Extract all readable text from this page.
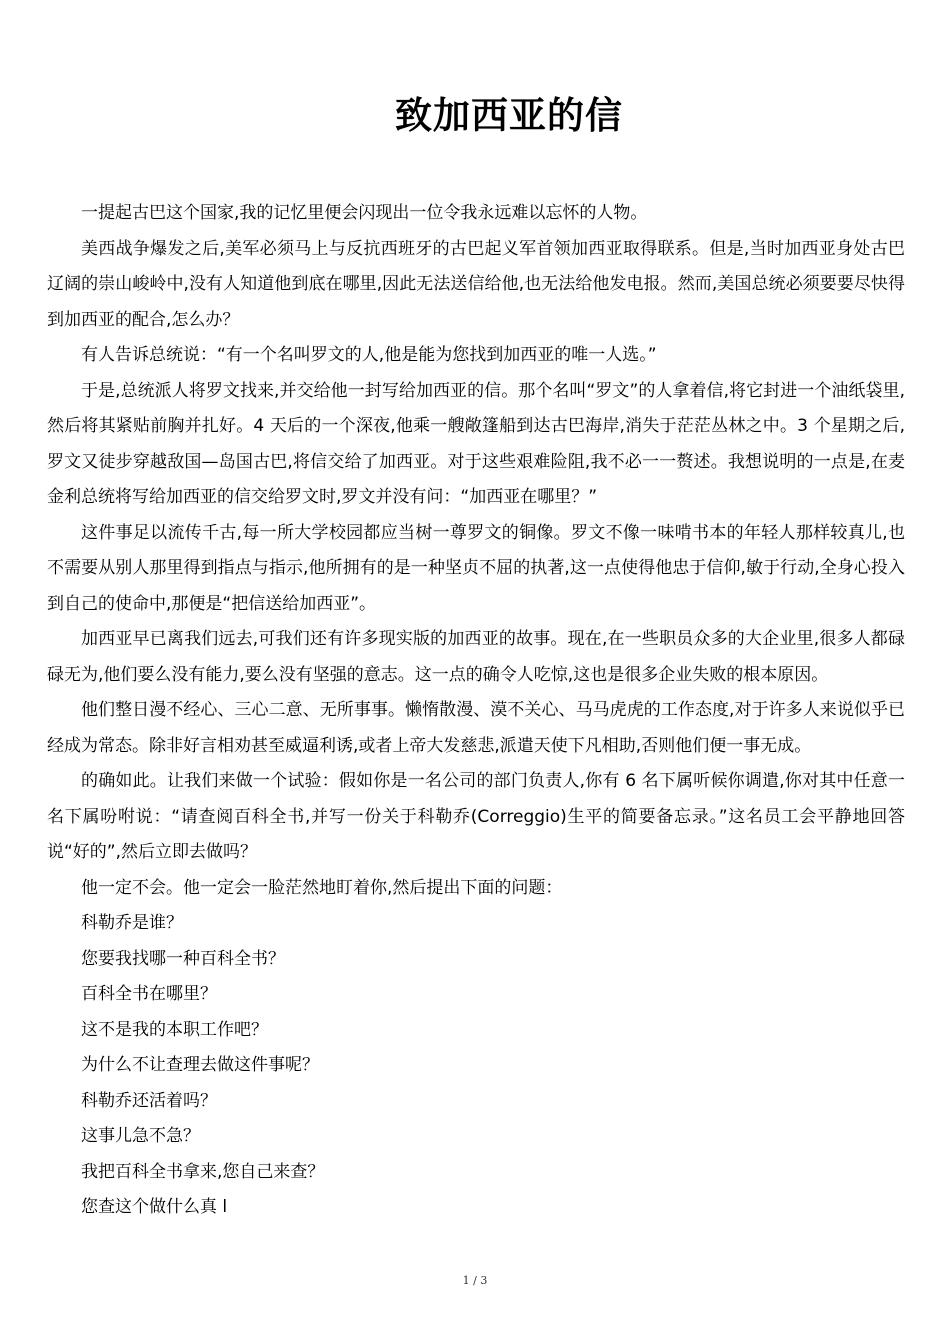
致加西亚的信

一提起古巴这个国家,我的记忆里便会闪现出一位令我永远难以忘怀的人物。

美西战争爆发之后,美军必须马上与反抗西班牙的古巴起义军首领加西亚取得联系。但是,当时加西亚身处古巴辽阔的崇山峻岭中,没有人知道他到底在哪里,因此无法送信给他,也无法给他发电报。然而,美国总统必须要要尽快得到加西亚的配合,怎么办？

有人告诉总统说：“有一个名叫罗文的人,他是能为您找到加西亚的唯一人选。”

于是,总统派人将罗文找来,并交给他一封写给加西亚的信。那个名叫“罗文”的人拿着信,将它封进一个油纸袋里,然后将其紧贴前胸并扎好。4 天后的一个深夜,他乘一艘敞篷船到达古巴海岸,消失于茫茫丛林之中。3 个星期之后,罗文又徒步穿越敌国—岛国古巴,将信交给了加西亚。对于这些艰难险阻,我不必一一赘述。我想说明的一点是,在麦金利总统将写给加西亚的信交给罗文时,罗文并没有问：“加西亚在哪里？”

这件事足以流传千古,每一所大学校园都应当树一尊罗文的铜像。罗文不像一味啃书本的年轻人那样较真儿,也不需要从别人那里得到指点与指示,他所拥有的是一种坚贞不屈的执著,这一点使得他忠于信仰,敏于行动,全身心投入到自己的使命中,那便是“把信送给加西亚”。

加西亚早已离我们远去,可我们还有许多现实版的加西亚的故事。现在,在一些职员众多的大企业里,很多人都碌碌无为,他们要么没有能力,要么没有坚强的意志。这一点的确令人吃惊,这也是很多企业失败的根本原因。

他们整日漫不经心、三心二意、无所事事。懒惰散漫、漠不关心、马马虎虎的工作态度,对于许多人来说似乎已经成为常态。除非好言相劝甚至威逼利诱,或者上帝大发慈悲,派遣天使下凡相助,否则他们便一事无成。

的确如此。让我们来做一个试验：假如你是一名公司的部门负责人,你有 6 名下属听候你调遣,你对其中任意一名下属吩咐说：“请查阅百科全书,并写一份关于科勒乔(Correggio)生平的简要备忘录。”这名员工会平静地回答说“好的”,然后立即去做吗？

他一定不会。他一定会一脸茫然地盯着你,然后提出下面的问题：

科勒乔是谁？

您要我找哪一种百科全书？

百科全书在哪里？

这不是我的本职工作吧？

为什么不让查理去做这件事呢？

科勒乔还活着吗？

这事儿急不急？

我把百科全书拿来,您自己来查？

您查这个做什么真 l

1 / 3
